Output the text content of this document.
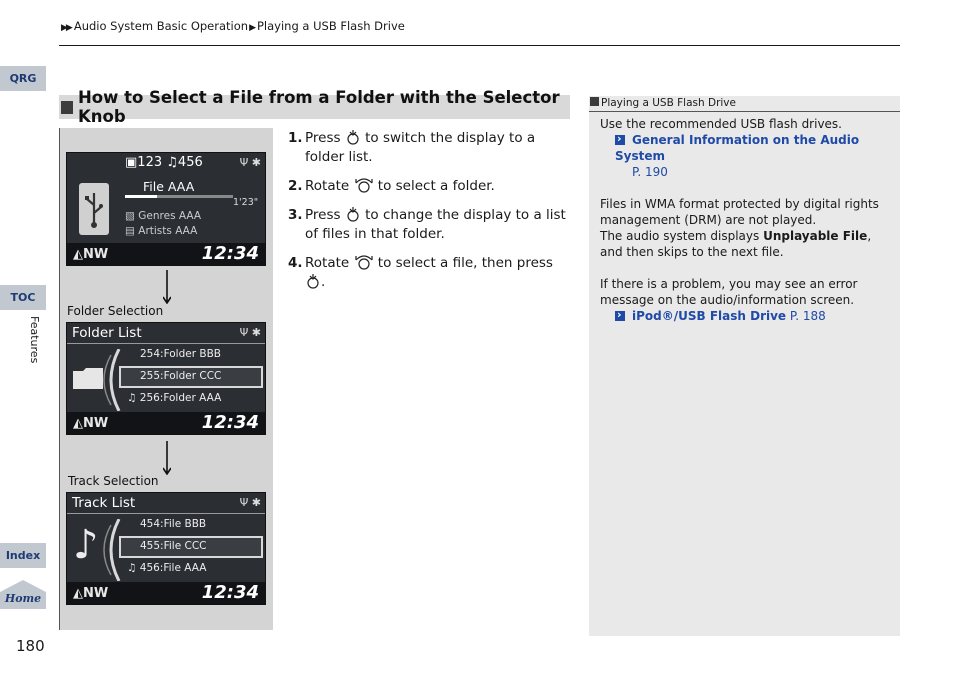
▶▶ Audio System Basic Operation▶ Playing a USB Flash Drive
QRG
TOC
Features
Index
Home
180
How to Select a File from a Folder with the Selector Knob
▣123 ♫456	Ψ ✱
File AAA
1'23"
▧ Genres AAA
▤ Artists AAA
◭NW	12:34
Folder Selection
Folder List	Ψ ✱
254:Folder BBB
255:Folder CCC
♫ 256:Folder AAA
◭NW	12:34
Track Selection
Track List	Ψ ✱
♪	454:File BBB
455:File CCC
♫ 456:File AAA
◭NW	12:34
1. Press to switch the display to a folder list.
2. Rotate to select a folder.
3. Press to change the display to a list of files in that folder.
4. Rotate to select a file, then press .
Playing a USB Flash Drive
Use the recommended USB flash drives.
›
General Information on the Audio System
P. 190
Files in WMA format protected by digital rights management (DRM) are not played.
The audio system displays Unplayable File, and then skips to the next file.
If there is a problem, you may see an error message on the audio/information screen.
›
iPod®/USB Flash Drive P. 188
